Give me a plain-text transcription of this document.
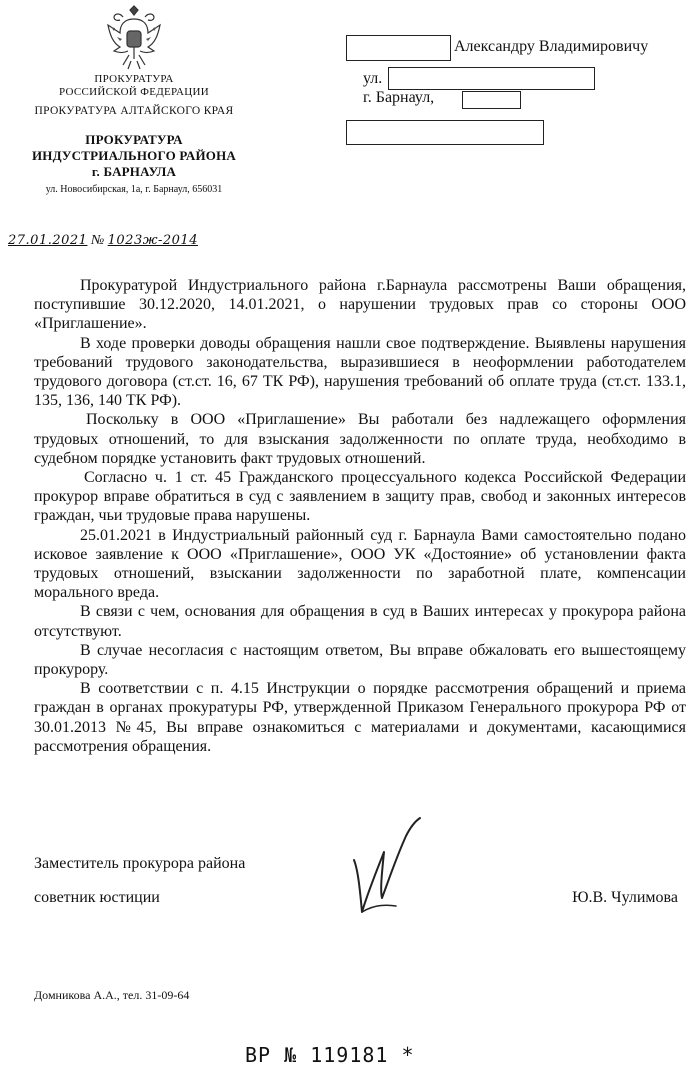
ПРОКУРАТУРА
РОССИЙСКОЙ ФЕДЕРАЦИИ
ПРОКУРАТУРА АЛТАЙСКОГО КРАЯ
ПРОКУРАТУРА
ИНДУСТРИАЛЬНОГО РАЙОНА
г. БАРНАУЛА
ул. Новосибирская, 1а, г. Барнаул, 656031
27.01.2021 № 1023ж-2014
Александру Владимировичу
ул.
г. Барнаул,

Прокуратурой Индустриального района г.Барнаула рассмотрены Ваши обращения, поступившие 30.12.2020, 14.01.2021, о нарушении трудовых прав со стороны ООО «Приглашение».

В ходе проверки доводы обращения нашли свое подтверждение. Выявлены нарушения требований трудового законодательства, выразившиеся в неоформлении работодателем трудового договора (ст.ст. 16, 67 ТК РФ), нарушения требований об оплате труда (ст.ст. 133.1, 135, 136, 140 ТК РФ).

Поскольку в ООО «Приглашение» Вы работали без надлежащего оформления трудовых отношений, то для взыскания задолженности по оплате труда, необходимо в судебном порядке установить факт трудовых отношений.

Согласно ч. 1 ст. 45 Гражданского процессуального кодекса Российской Федерации прокурор вправе обратиться в суд с заявлением в защиту прав, свобод и законных интересов граждан, чьи трудовые права нарушены.

25.01.2021 в Индустриальный районный суд г. Барнаула Вами самостоятельно подано исковое заявление к ООО «Приглашение», ООО УК «Достояние» об установлении факта трудовых отношений, взыскании задолженности по заработной плате, компенсации морального вреда.

В связи с чем, основания для обращения в суд в Ваших интересах у прокурора района отсутствуют.

В случае несогласия с настоящим ответом, Вы вправе обжаловать его вышестоящему прокурору.

В соответствии с п. 4.15 Инструкции о порядке рассмотрения обращений и приема граждан в органах прокуратуры РФ, утвержденной Приказом Генерального прокурора РФ от 30.01.2013 №45, Вы вправе ознакомиться с материалами и документами, касающимися рассмотрения обращения.

Заместитель прокурора района
советник юстиции	Ю.В. Чулимова
Домникова А.А., тел. 31-09-64
ВР № 119181 *
